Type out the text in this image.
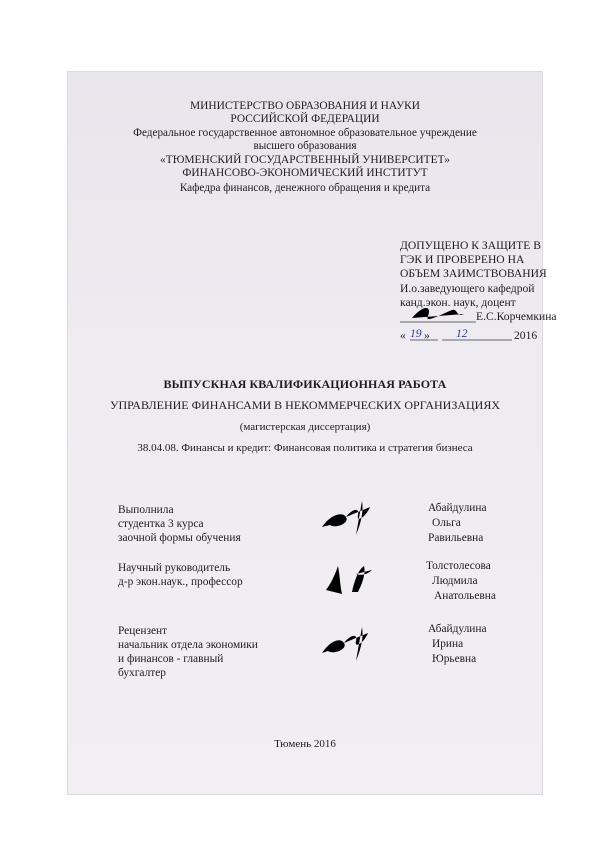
МИНИСТЕРСТВО ОБРАЗОВАНИЯ И НАУКИ
РОССИЙСКОЙ ФЕДЕРАЦИИ
Федеральное государственное автономное образовательное учреждение
высшего образования
«ТЮМЕНСКИЙ ГОСУДАРСТВЕННЫЙ УНИВЕРСИТЕТ»
ФИНАНСОВО-ЭКОНОМИЧЕСКИЙ ИНСТИТУТ
Кафедра финансов, денежного обращения и кредита
ДОПУЩЕНО К ЗАЩИТЕ В
ГЭК И ПРОВЕРЕНО НА
ОБЪЕМ ЗАИМСТВОВАНИЯ
И.о.заведующего кафедрой
канд.экон. наук, доцент
Е.С.Корчемкина
« 19 » 12	2016
ВЫПУСКНАЯ КВАЛИФИКАЦИОННАЯ РАБОТА
УПРАВЛЕНИЕ ФИНАНСАМИ В НЕКОММЕРЧЕСКИХ ОРГАНИЗАЦИЯХ
(магистерская диссертация)
38.04.08. Финансы и кредит: Финансовая политика и стратегия бизнеса
Выполнила
студентка 3 курса
заочной формы обучения
Абайдулина
Ольга
Равильевна
Научный руководитель
д-р экон.наук., профессор
Толстолесова
Людмила
Анатольевна
Рецензент
начальник отдела экономики
и финансов - главный
бухгалтер
Абайдулина
Ирина
Юрьевна
Тюмень 2016
